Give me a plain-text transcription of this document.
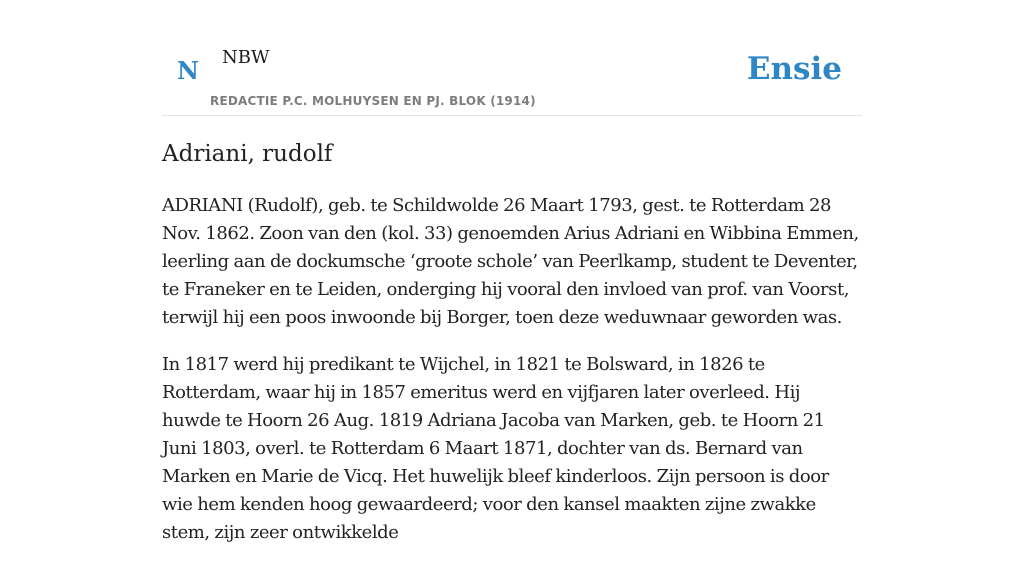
N NBW
REDACTIE P.C. MOLHUYSEN EN PJ. BLOK (1914)
Ensie
Adriani, rudolf

ADRIANI (Rudolf), geb. te Schildwolde 26 Maart 1793, gest. te Rotterdam 28 Nov. 1862. Zoon van den (kol. 33) genoemden Arius Adriani en Wibbina Emmen, leerling aan de dockumsche ‘groote schole’ van Peerlkamp, student te Deventer, te Franeker en te Leiden, onderging hij vooral den invloed van prof. van Voorst, terwijl hij een poos inwoonde bij Borger, toen deze weduwnaar geworden was.

In 1817 werd hij predikant te Wijchel, in 1821 te Bolsward, in 1826 te Rotterdam, waar hij in 1857 emeritus werd en vijfjaren later overleed. Hij huwde te Hoorn 26 Aug. 1819 Adriana Jacoba van Marken, geb. te Hoorn 21 Juni 1803, overl. te Rotterdam 6 Maart 1871, dochter van ds. Bernard van Marken en Marie de Vicq. Het huwelijk bleef kinderloos. Zijn persoon is door wie hem kenden hoog gewaardeerd; voor den kansel maakten zijne zwakke stem, zijn zeer ontwikkelde
